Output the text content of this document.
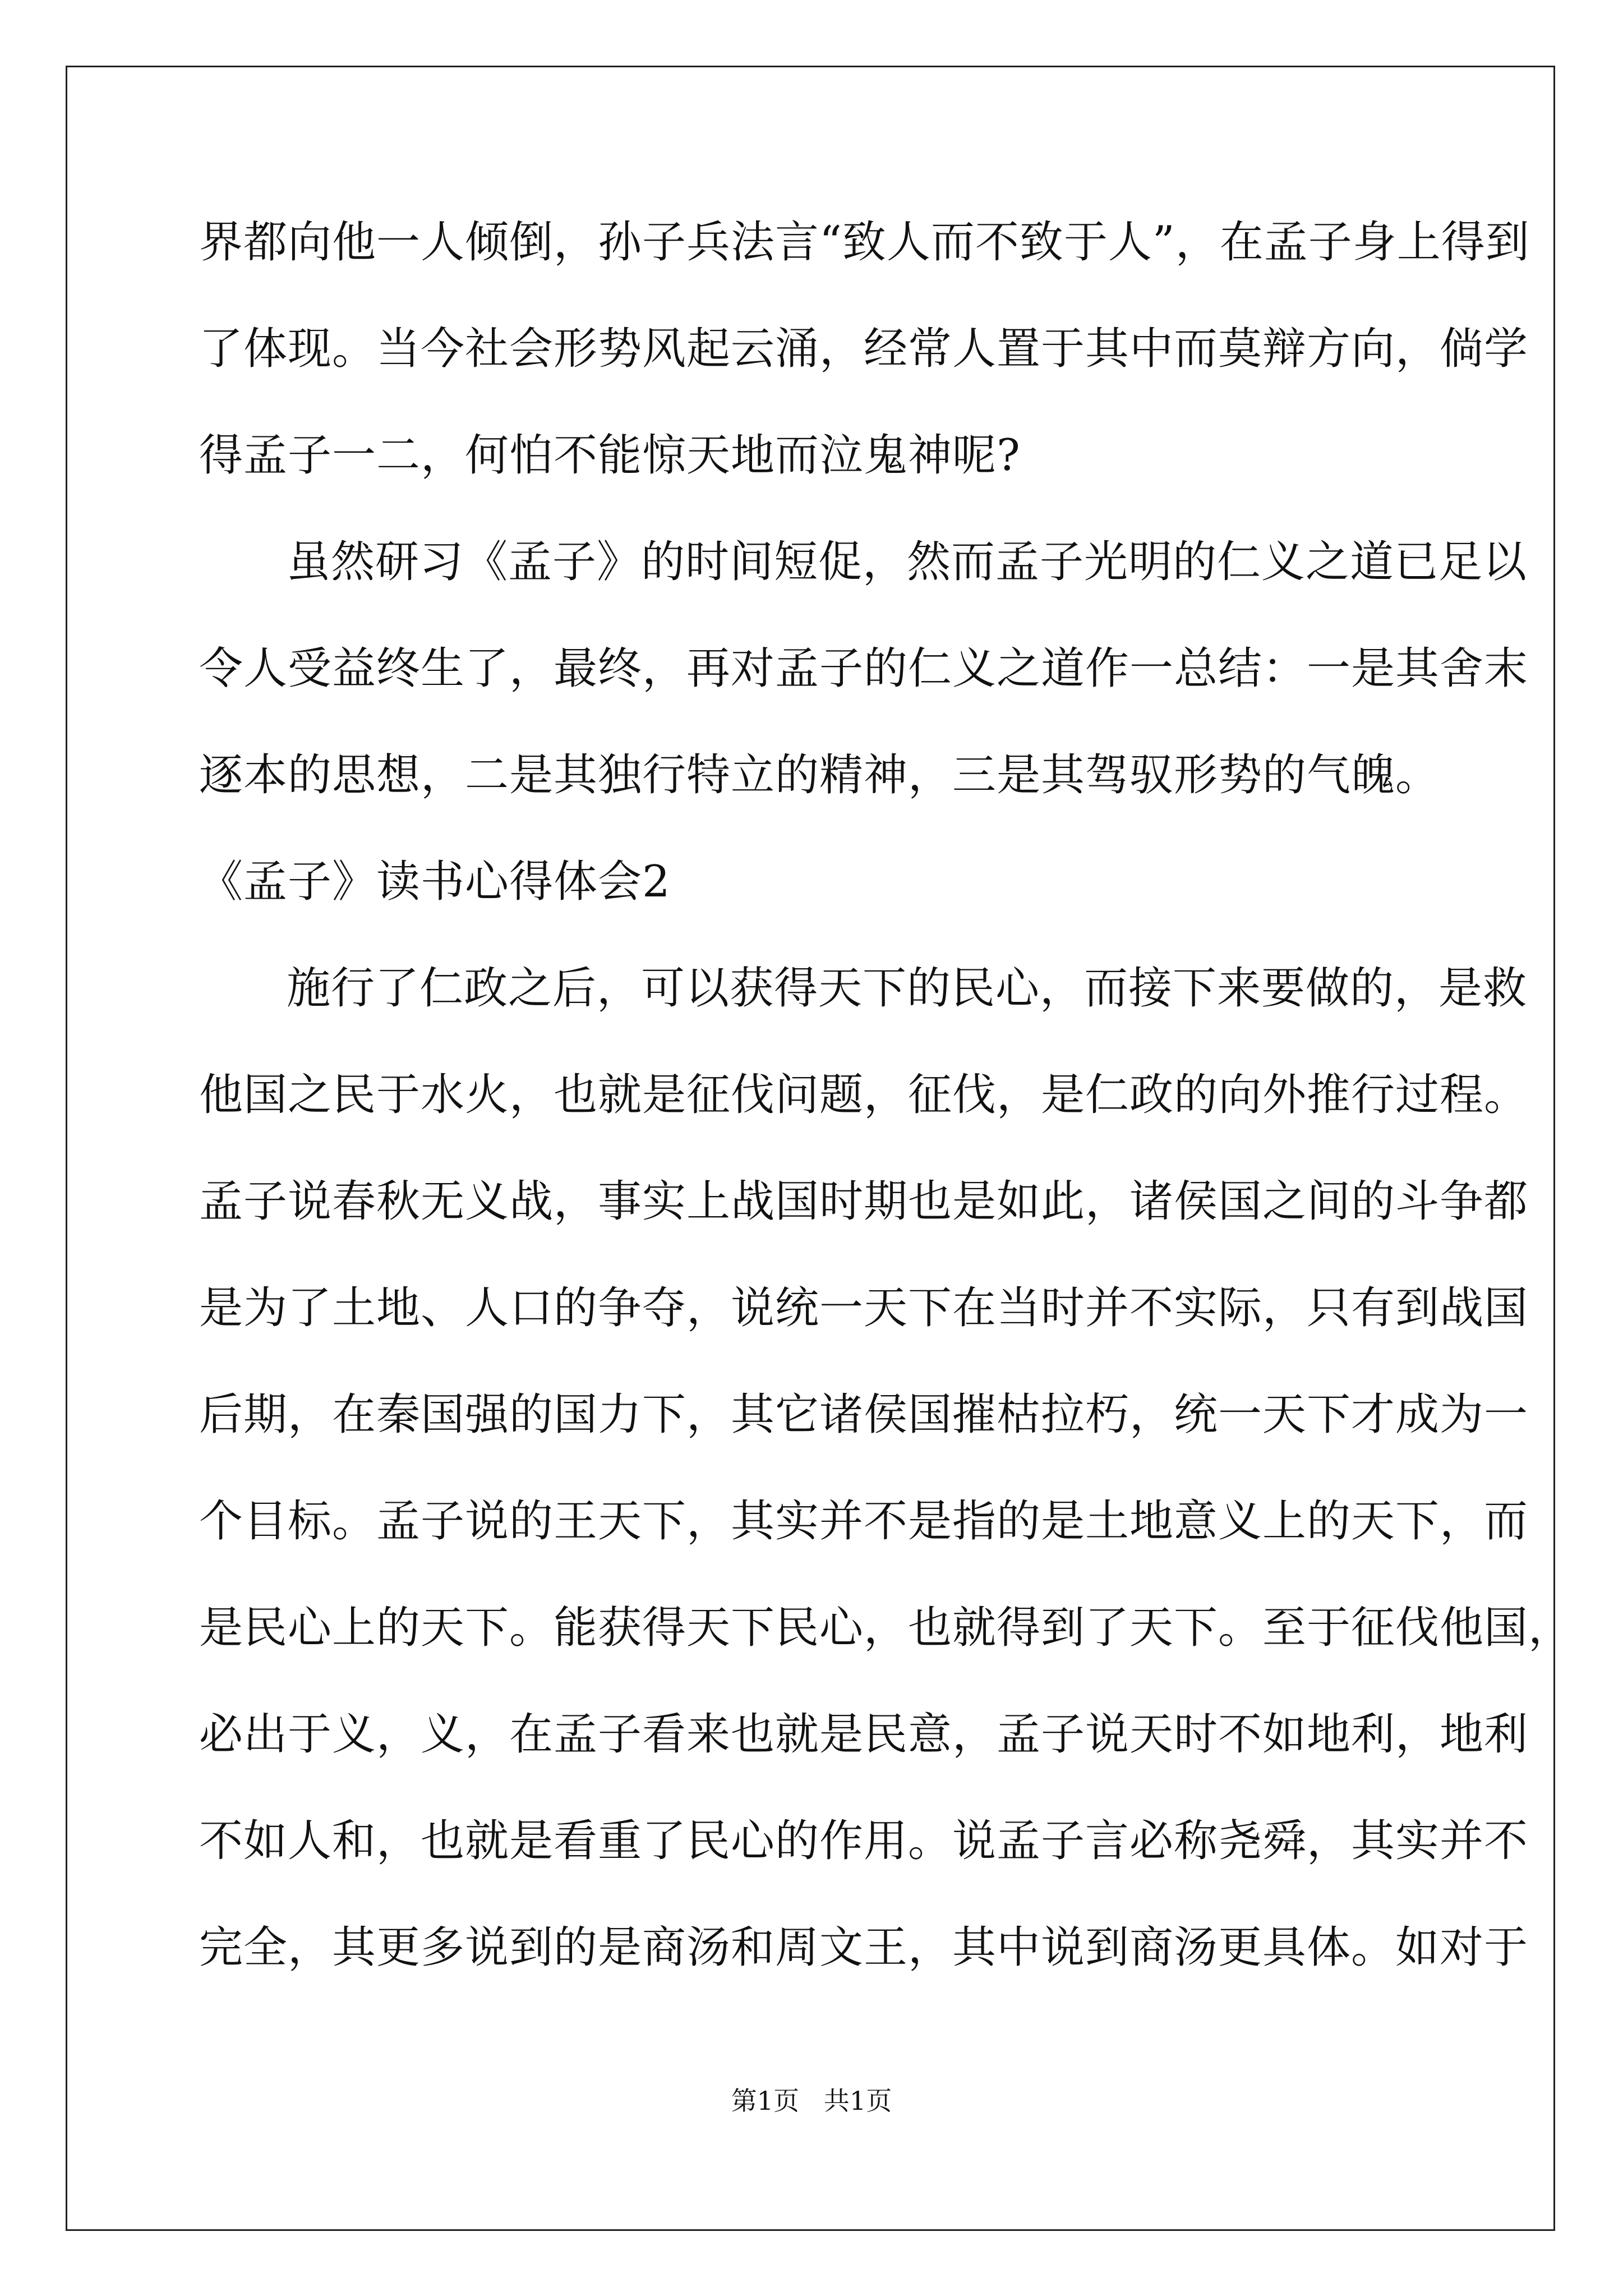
界都向他一人倾倒，孙子兵法言“致人而不致于人”，在孟子身上得到
了体现。当今社会形势风起云涌，经常人置于其中而莫辩方向，倘学
得孟子一二，何怕不能惊天地而泣鬼神呢?
虽然研习《孟子》的时间短促，然而孟子光明的仁义之道已足以
令人受益终生了，最终，再对孟子的仁义之道作一总结：一是其舍末
逐本的思想，二是其独行特立的精神，三是其驾驭形势的气魄。
《孟子》读书心得体会2
施行了仁政之后，可以获得天下的民心，而接下来要做的，是救
他国之民于水火，也就是征伐问题，征伐，是仁政的向外推行过程。
孟子说春秋无义战，事实上战国时期也是如此，诸侯国之间的斗争都
是为了土地、人口的争夺，说统一天下在当时并不实际，只有到战国
后期，在秦国强的国力下，其它诸侯国摧枯拉朽，统一天下才成为一
个目标。孟子说的王天下，其实并不是指的是土地意义上的天下，而
是民心上的天下。能获得天下民心，也就得到了天下。至于征伐他国，
必出于义，义，在孟子看来也就是民意，孟子说天时不如地利，地利
不如人和，也就是看重了民心的作用。说孟子言必称尧舜，其实并不
完全，其更多说到的是商汤和周文王，其中说到商汤更具体。如对于
第1页   共1页
